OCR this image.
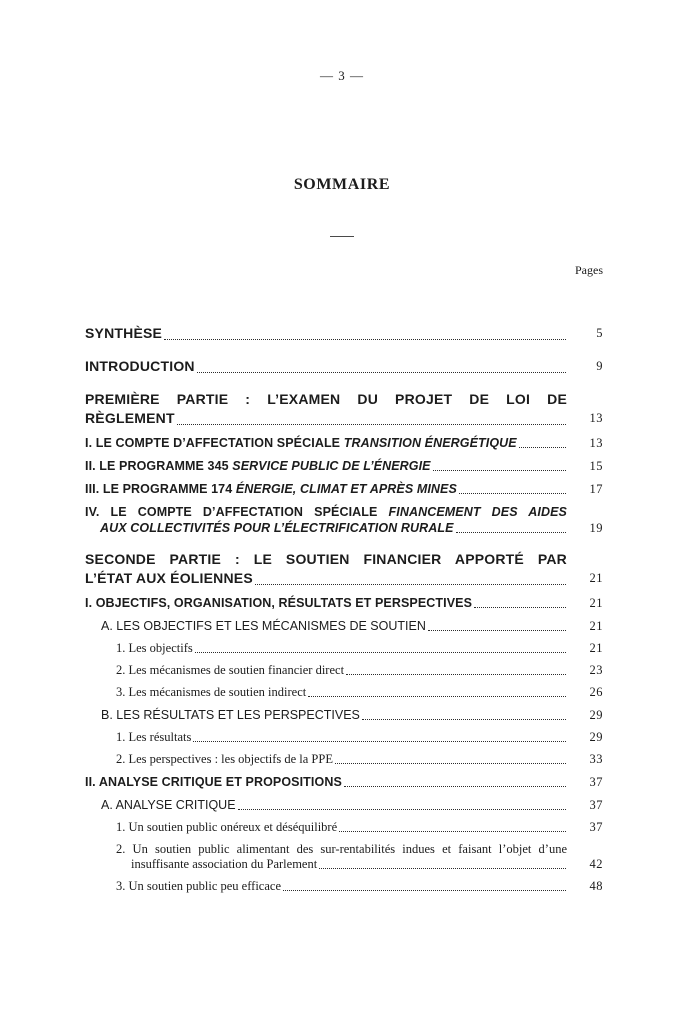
— 3 —
SOMMAIRE
Pages
SYNTHÈSE	5
INTRODUCTION	9
PREMIÈRE PARTIE : L’EXAMEN DU PROJET DE LOI DE
RÈGLEMENT	13
I. LE COMPTE D’AFFECTATION SPÉCIALE TRANSITION ÉNERGÉTIQUE	13
II. LE PROGRAMME 345 SERVICE PUBLIC DE L’ÉNERGIE	15
III. LE PROGRAMME 174 ÉNERGIE, CLIMAT ET APRÈS MINES	17
IV. LE COMPTE D’AFFECTATION SPÉCIALE FINANCEMENT DES AIDES
AUX COLLECTIVITÉS POUR L’ÉLECTRIFICATION RURALE	19
SECONDE PARTIE : LE SOUTIEN FINANCIER APPORTÉ PAR
L’ÉTAT AUX ÉOLIENNES	21
I. OBJECTIFS, ORGANISATION, RÉSULTATS ET PERSPECTIVES	21
A. LES OBJECTIFS ET LES MÉCANISMES DE SOUTIEN	21
1. Les objectifs	21
2. Les mécanismes de soutien financier direct	23
3. Les mécanismes de soutien indirect	26
B. LES RÉSULTATS ET LES PERSPECTIVES	29
1. Les résultats	29
2. Les perspectives : les objectifs de la PPE	33
II. ANALYSE CRITIQUE ET PROPOSITIONS	37
A. ANALYSE CRITIQUE	37
1. Un soutien public onéreux et déséquilibré	37
2. Un soutien public alimentant des sur-rentabilités indues et faisant l’objet d’une
insuffisante association du Parlement	42
3. Un soutien public peu efficace	48
